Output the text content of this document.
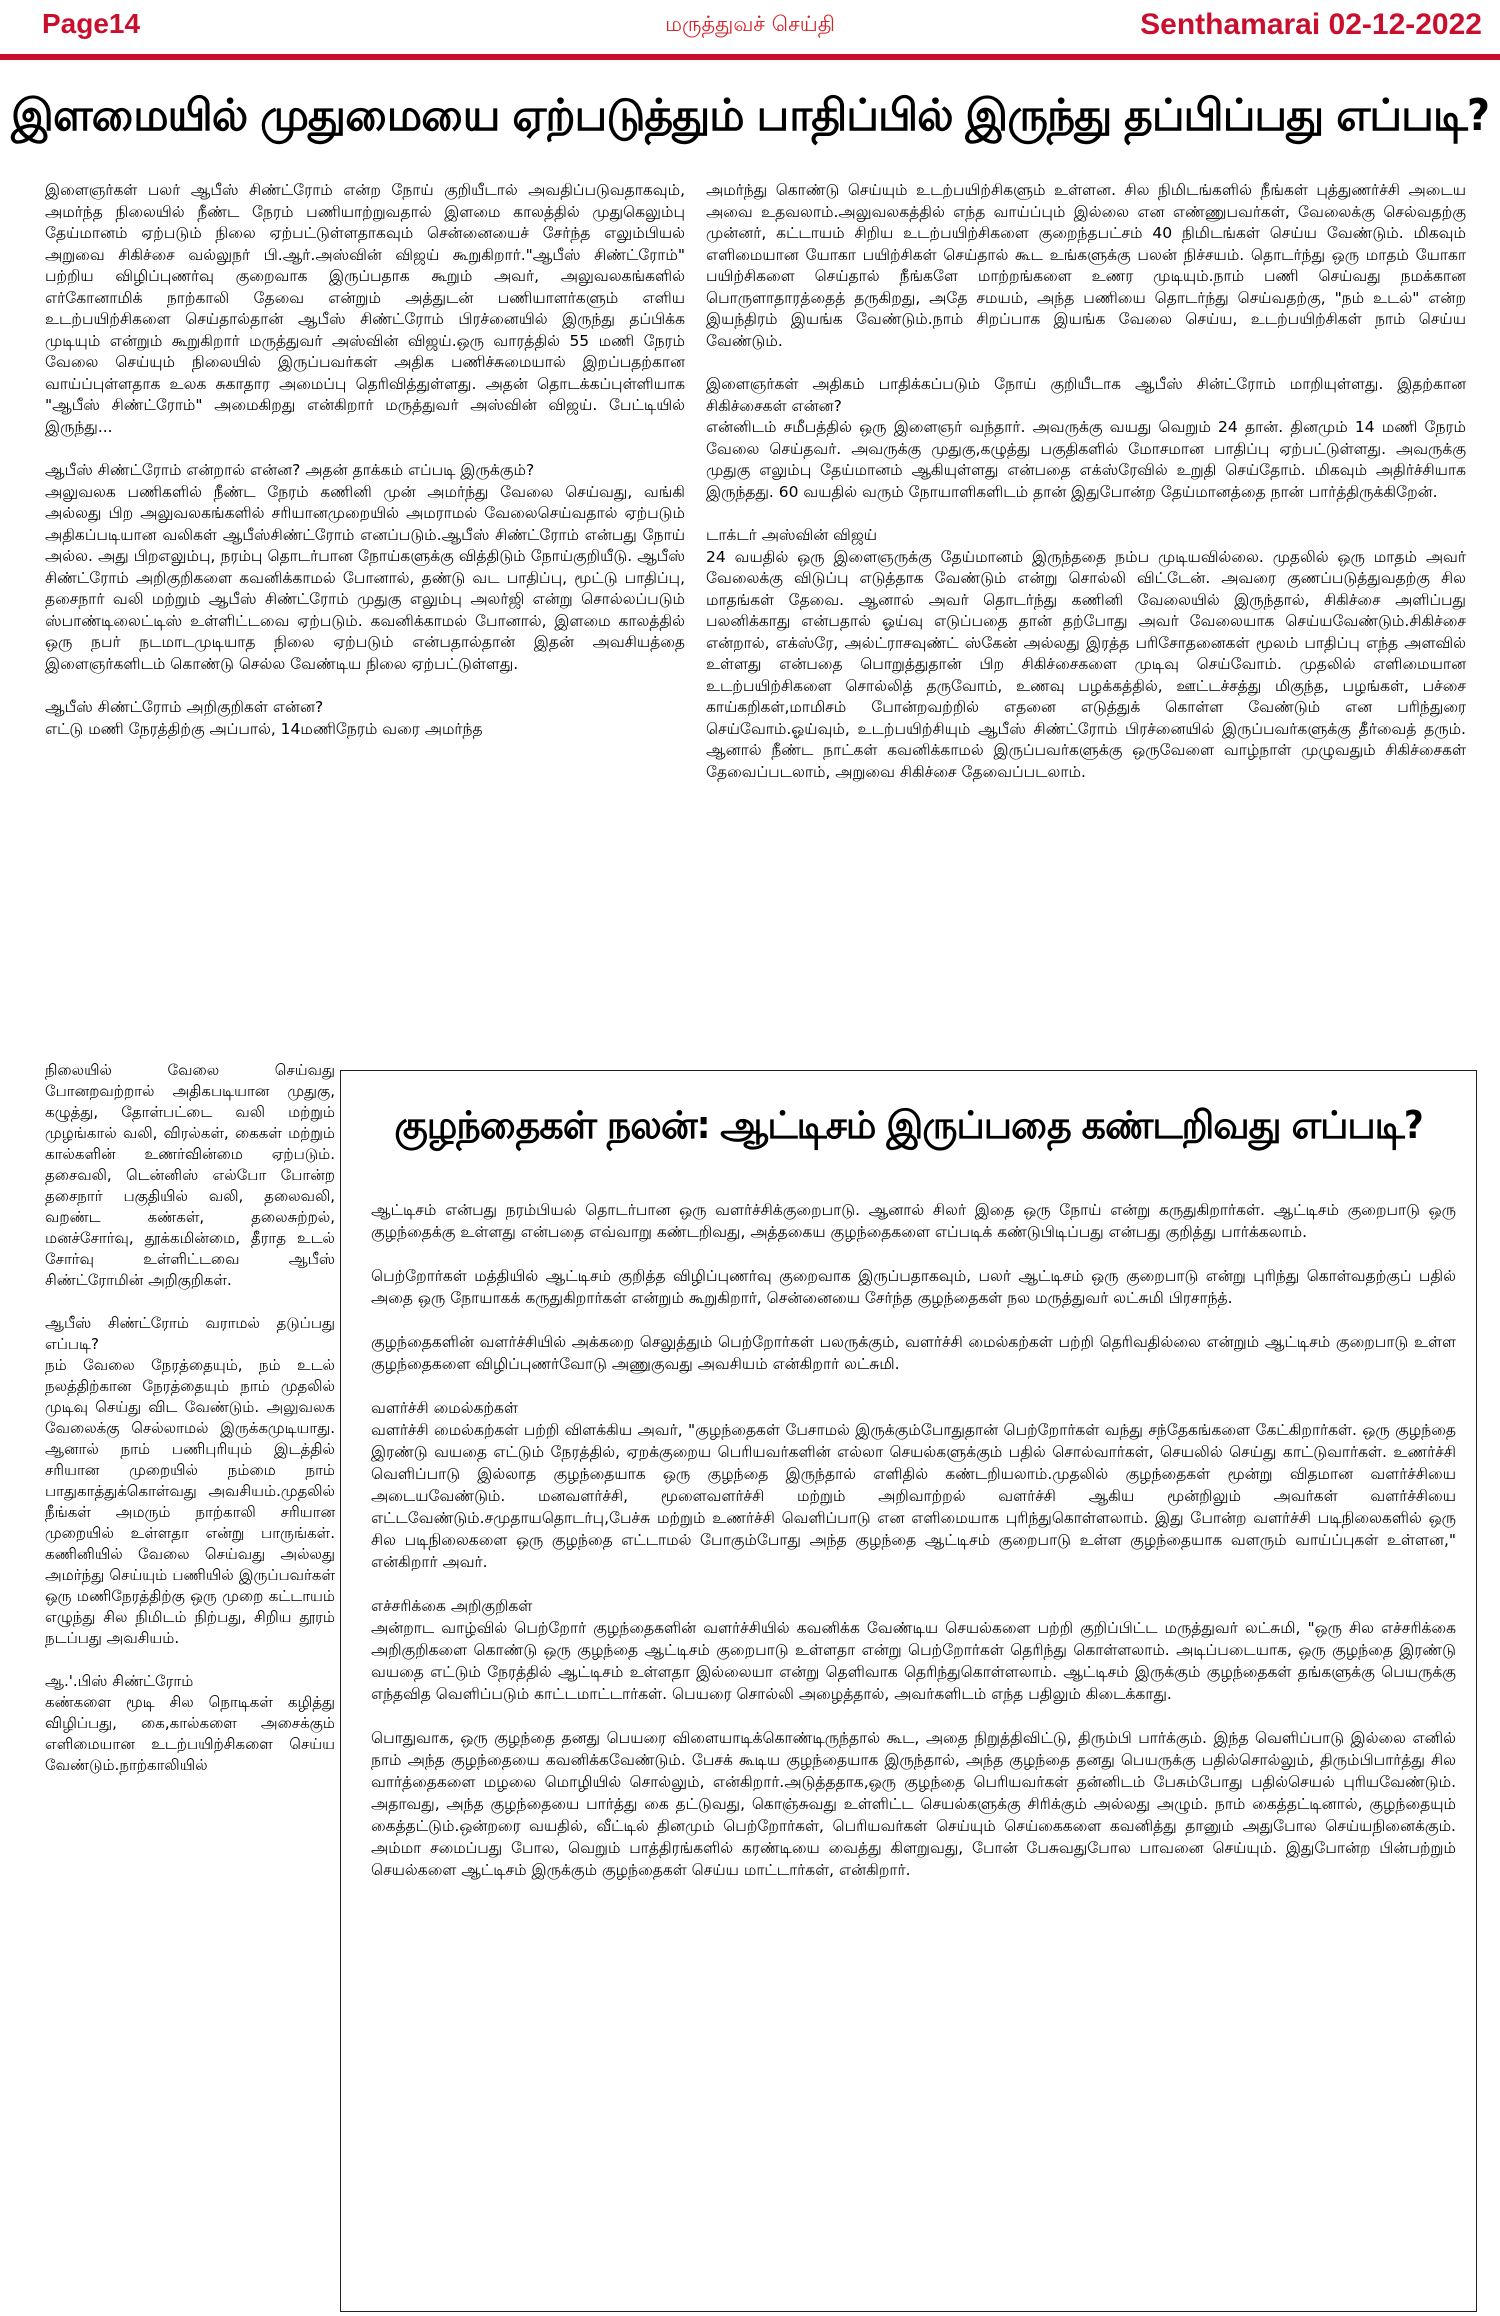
Page14	மருத்துவச் செய்தி	Senthamarai 02-12-2022
இளமையில் முதுமையை ஏற்படுத்தும் பாதிப்பில் இருந்து தப்பிப்பது எப்படி?

இளைஞர்கள் பலர் ஆபீஸ் சிண்ட்ரோம் என்ற நோய் குறியீடால் அவதிப்படுவதாகவும், அமர்ந்த நிலையில் நீண்ட நேரம் பணியாற்றுவதால் இளமை காலத்தில் முதுகெலும்பு தேய்மானம் ஏற்படும் நிலை ஏற்பட்டுள்ளதாகவும் சென்னையைச் சேர்ந்த எலும்பியல் அறுவை சிகிச்சை வல்லுநர் பி.ஆர்.அஸ்வின் விஜய் கூறுகிறார்."ஆபீஸ் சிண்ட்ரோம்" பற்றிய விழிப்புணர்வு குறைவாக இருப்பதாக கூறும் அவர், அலுவலகங்களில் எர்கோனாமிக் நாற்காலி தேவை என்றும் அத்துடன் பணியாளர்களும் எளிய உடற்பயிற்சிகளை செய்தால்தான் ஆபீஸ் சிண்ட்ரோம் பிரச்னையில் இருந்து தப்பிக்க முடியும் என்றும் கூறுகிறார் மருத்துவர் அஸ்வின் விஜய்.ஒரு வாரத்தில் 55 மணி நேரம் வேலை செய்யும் நிலையில் இருப்பவர்கள் அதிக பணிச்சுமையால் இறப்பதற்கான வாய்ப்புள்ளதாக உலக சுகாதார அமைப்பு தெரிவித்துள்ளது. அதன் தொடக்கப்புள்ளியாக "ஆபீஸ் சிண்ட்ரோம்" அமைகிறது என்கிறார் மருத்துவர் அஸ்வின் விஜய். பேட்டியில் இருந்து...

ஆபீஸ் சிண்ட்ரோம் என்றால் என்ன? அதன் தாக்கம் எப்படி இருக்கும்?

அலுவலக பணிகளில் நீண்ட நேரம் கணினி முன் அமர்ந்து வேலை செய்வது, வங்கி அல்லது பிற அலுவலகங்களில் சரியானமுறையில் அமராமல் வேலைசெய்வதால் ஏற்படும் அதிகப்படியான வலிகள் ஆபீஸ்சிண்ட்ரோம் எனப்படும்.ஆபீஸ் சிண்ட்ரோம் என்பது நோய் அல்ல. அது பிறஎலும்பு, நரம்பு தொடர்பான நோய்களுக்கு வித்திடும் நோய்குறியீடு. ஆபீஸ் சிண்ட்ரோம் அறிகுறிகளை கவனிக்காமல் போனால், தண்டு வட பாதிப்பு, மூட்டு பாதிப்பு, தசைநார் வலி மற்றும் ஆபீஸ் சிண்ட்ரோம் முதுகு எலும்பு அலர்ஜி என்று சொல்லப்படும் ஸ்பாண்டிலைட்டிஸ் உள்ளிட்டவை ஏற்படும். கவனிக்காமல் போனால், இளமை காலத்தில் ஒரு நபர் நடமாடமுடியாத நிலை ஏற்படும் என்பதால்தான் இதன் அவசியத்தை இளைஞர்களிடம் கொண்டு செல்ல வேண்டிய நிலை ஏற்பட்டுள்ளது.

ஆபீஸ் சிண்ட்ரோம் அறிகுறிகள் என்ன?

எட்டு மணி நேரத்திற்கு அப்பால், 14மணிநேரம் வரை அமர்ந்த

நிலையில் வேலை செய்வது போனறவற்றால் அதிகபடியான முதுகு, கழுத்து, தோள்பட்டை வலி மற்றும் முழங்கால் வலி, விரல்கள், கைகள் மற்றும் கால்களின் உணர்வின்மை ஏற்படும். தசைவலி, டென்னிஸ் எல்போ போன்ற தசைநார் பகுதியில் வலி, தலைவலி, வறண்ட கண்கள், தலைசுற்றல், மனச்சோர்வு, தூக்கமின்மை, தீராத உடல் சோர்வு உள்ளிட்டவை ஆபீஸ் சிண்ட்ரோமின் அறிகுறிகள்.

ஆபீஸ் சிண்ட்ரோம் வராமல் தடுப்பது எப்படி?

நம் வேலை நேரத்தையும், நம் உடல் நலத்திற்கான நேரத்தையும் நாம் முதலில் முடிவு செய்து விட வேண்டும். அலுவலக வேலைக்கு செல்லாமல் இருக்கமுடியாது. ஆனால் நாம் பணிபுரியும் இடத்தில் சரியான முறையில் நம்மை நாம் பாதுகாத்துக்கொள்வது அவசியம்.முதலில் நீங்கள் அமரும் நாற்காலி சரியான முறையில் உள்ளதா என்று பாருங்கள். கணினியில் வேலை செய்வது அல்லது அமர்ந்து செய்யும் பணியில் இருப்பவர்கள் ஒரு மணிநேரத்திற்கு ஒரு முறை கட்டாயம் எழுந்து சில நிமிடம் நிற்பது, சிறிய தூரம் நடப்பது அவசியம்.

ஆ.'.பிஸ் சிண்ட்ரோம்

கண்களை மூடி சில நொடிகள் கழித்து விழிப்பது, கை,கால்களை அசைக்கும் எளிமையான உடற்பயிற்சிகளை செய்ய வேண்டும்.நாற்காலியில்

அமர்ந்து கொண்டு செய்யும் உடற்பயிற்சிகளும் உள்ளன. சில நிமிடங்களில் நீங்கள் புத்துணர்ச்சி அடைய அவை உதவலாம்.அலுவலகத்தில் எந்த வாய்ப்பும் இல்லை என எண்ணுபவர்கள், வேலைக்கு செல்வதற்கு முன்னர், கட்டாயம் சிறிய உடற்பயிற்சிகளை குறைந்தபட்சம் 40 நிமிடங்கள் செய்ய வேண்டும். மிகவும் எளிமையான யோகா பயிற்சிகள் செய்தால் கூட உங்களுக்கு பலன் நிச்சயம். தொடர்ந்து ஒரு மாதம் யோகா பயிற்சிகளை செய்தால் நீங்களே மாற்றங்களை உணர முடியும்.நாம் பணி செய்வது நமக்கான பொருளாதாரத்தைத் தருகிறது, அதே சமயம், அந்த பணியை தொடர்ந்து செய்வதற்கு, "நம் உடல்" என்ற இயந்திரம் இயங்க வேண்டும்.நாம் சிறப்பாக இயங்க வேலை செய்ய, உடற்பயிற்சிகள் நாம் செய்ய வேண்டும்.

இளைஞர்கள் அதிகம் பாதிக்கப்படும் நோய் குறியீடாக ஆபீஸ் சின்ட்ரோம் மாறியுள்ளது. இதற்கான சிகிச்சைகள் என்ன?

என்னிடம் சமீபத்தில் ஒரு இளைஞர் வந்தார். அவருக்கு வயது வெறும் 24 தான். தினமும் 14 மணி நேரம் வேலை செய்தவர். அவருக்கு முதுகு,கழுத்து பகுதிகளில் மோசமான பாதிப்பு ஏற்பட்டுள்ளது. அவருக்கு முதுகு எலும்பு தேய்மானம் ஆகியுள்ளது என்பதை எக்ஸ்ரேவில் உறுதி செய்தோம். மிகவும் அதிர்ச்சியாக இருந்தது. 60 வயதில் வரும் நோயாளிகளிடம் தான் இதுபோன்ற தேய்மானத்தை நான் பார்த்திருக்கிறேன்.

டாக்டர் அஸ்வின் விஜய்

24 வயதில் ஒரு இளைஞருக்கு தேய்மானம் இருந்ததை நம்ப முடியவில்லை. முதலில் ஒரு மாதம் அவர் வேலைக்கு விடுப்பு எடுத்தாக வேண்டும் என்று சொல்லி விட்டேன். அவரை குணப்படுத்துவதற்கு சில மாதங்கள் தேவை. ஆனால் அவர் தொடர்ந்து கணினி வேலையில் இருந்தால், சிகிச்சை அளிப்பது பலனிக்காது என்பதால் ஓய்வு எடுப்பதை தான் தற்போது அவர் வேலையாக செய்யவேண்டும்.சிகிச்சை என்றால், எக்ஸ்ரே, அல்ட்ராசவுண்ட் ஸ்கேன் அல்லது இரத்த பரிசோதனைகள் மூலம் பாதிப்பு எந்த அளவில் உள்ளது என்பதை பொறுத்துதான் பிற சிகிச்சைகளை முடிவு செய்வோம். முதலில் எளிமையான உடற்பயிற்சிகளை சொல்லித் தருவோம், உணவு பழக்கத்தில், ஊட்டச்சத்து மிகுந்த, பழங்கள், பச்சை காய்கறிகள்,மாமிசம் போன்றவற்றில் எதனை எடுத்துக் கொள்ள வேண்டும் என பரிந்துரை செய்வோம்.ஓய்வும், உடற்பயிற்சியும் ஆபீஸ் சிண்ட்ரோம் பிரச்னையில் இருப்பவர்களுக்கு தீர்வைத் தரும். ஆனால் நீண்ட நாட்கள் கவனிக்காமல் இருப்பவர்களுக்கு ஒருவேளை வாழ்நாள் முழுவதும் சிகிச்சைகள் தேவைப்படலாம், அறுவை சிகிச்சை தேவைப்படலாம்.

குழந்தைகள் நலன்: ஆட்டிசம் இருப்பதை கண்டறிவது எப்படி?

ஆட்டிசம் என்பது நரம்பியல் தொடர்பான ஒரு வளர்ச்சிக்குறைபாடு. ஆனால் சிலர் இதை ஒரு நோய் என்று கருதுகிறார்கள். ஆட்டிசம் குறைபாடு ஒரு குழந்தைக்கு உள்ளது என்பதை எவ்வாறு கண்டறிவது, அத்தகைய குழந்தைகளை எப்படிக் கண்டுபிடிப்பது என்பது குறித்து பார்க்கலாம்.

பெற்றோர்கள் மத்தியில் ஆட்டிசம் குறித்த விழிப்புணர்வு குறைவாக இருப்பதாகவும், பலர் ஆட்டிசம் ஒரு குறைபாடு என்று புரிந்து கொள்வதற்குப் பதில் அதை ஒரு நோயாகக் கருதுகிறார்கள் என்றும் கூறுகிறார், சென்னையை சேர்ந்த குழந்தைகள் நல மருத்துவர் லட்சுமி பிரசாந்த்.

குழந்தைகளின் வளர்ச்சியில் அக்கறை செலுத்தும் பெற்றோர்கள் பலருக்கும், வளர்ச்சி மைல்கற்கள் பற்றி தெரிவதில்லை என்றும் ஆட்டிசம் குறைபாடு உள்ள குழந்தைகளை விழிப்புணர்வோடு அணுகுவது அவசியம் என்கிறார் லட்சுமி.

வளர்ச்சி மைல்கற்கள்

வளர்ச்சி மைல்கற்கள் பற்றி விளக்கிய அவர், "குழந்தைகள் பேசாமல் இருக்கும்போதுதான் பெற்றோர்கள் வந்து சந்தேகங்களை கேட்கிறார்கள். ஒரு குழந்தை இரண்டு வயதை எட்டும் நேரத்தில், ஏறக்குறைய பெரியவர்களின் எல்லா செயல்களுக்கும் பதில் சொல்வார்கள், செயலில் செய்து காட்டுவார்கள். உணர்ச்சி வெளிப்பாடு இல்லாத குழந்தையாக ஒரு குழந்தை இருந்தால் எளிதில் கண்டறியலாம்.முதலில் குழந்தைகள் மூன்று விதமான வளர்ச்சியை அடையவேண்டும். மனவளர்ச்சி, மூளைவளர்ச்சி மற்றும் அறிவாற்றல் வளர்ச்சி ஆகிய மூன்றிலும் அவர்கள் வளர்ச்சியை எட்டவேண்டும்.சமுதாயதொடர்பு,பேச்சு மற்றும் உணர்ச்சி வெளிப்பாடு என எளிமையாக புரிந்துகொள்ளலாம். இது போன்ற வளர்ச்சி படிநிலைகளில் ஒரு சில படிநிலைகளை ஒரு குழந்தை எட்டாமல் போகும்போது அந்த குழந்தை ஆட்டிசம் குறைபாடு உள்ள குழந்தையாக வளரும் வாய்ப்புகள் உள்ளன," என்கிறார் அவர்.

எச்சரிக்கை அறிகுறிகள்

அன்றாட வாழ்வில் பெற்றோர் குழந்தைகளின் வளர்ச்சியில் கவனிக்க வேண்டிய செயல்களை பற்றி குறிப்பிட்ட மருத்துவர் லட்சுமி, "ஒரு சில எச்சரிக்கை அறிகுறிகளை கொண்டு ஒரு குழந்தை ஆட்டிசம் குறைபாடு உள்ளதா என்று பெற்றோர்கள் தெரிந்து கொள்ளலாம். அடிப்படையாக, ஒரு குழந்தை இரண்டு வயதை எட்டும் நேரத்தில் ஆட்டிசம் உள்ளதா இல்லையா என்று தெளிவாக தெரிந்துகொள்ளலாம். ஆட்டிசம் இருக்கும் குழந்தைகள் தங்களுக்கு பெயருக்கு எந்தவித வெளிப்படும் காட்டமாட்டார்கள். பெயரை சொல்லி அழைத்தால், அவர்களிடம் எந்த பதிலும் கிடைக்காது.

பொதுவாக, ஒரு குழந்தை தனது பெயரை விளையாடிக்கொண்டிருந்தால் கூட, அதை நிறுத்திவிட்டு, திரும்பி பார்க்கும். இந்த வெளிப்பாடு இல்லை எனில் நாம் அந்த குழந்தையை கவனிக்கவேண்டும். பேசக் கூடிய குழந்தையாக இருந்தால், அந்த குழந்தை தனது பெயருக்கு பதில்சொல்லும், திரும்பிபார்த்து சில வார்த்தைகளை மழலை மொழியில் சொல்லும், என்கிறார்.அடுத்ததாக,ஒரு குழந்தை பெரியவர்கள் தன்னிடம் பேசும்போது பதில்செயல் புரியவேண்டும். அதாவது, அந்த குழந்தையை பார்த்து கை தட்டுவது, கொஞ்சுவது உள்ளிட்ட செயல்களுக்கு சிரிக்கும் அல்லது அழும். நாம் கைத்தட்டினால், குழந்தையும் கைத்தட்டும்.ஒன்றரை வயதில், வீட்டில் தினமும் பெற்றோர்கள், பெரியவர்கள் செய்யும் செய்கைகளை கவனித்து தானும் அதுபோல செய்யநினைக்கும். அம்மா சமைப்பது போல, வெறும் பாத்திரங்களில் கரண்டியை வைத்து கிளறுவது, போன் பேசுவதுபோல பாவனை செய்யும். இதுபோன்ற பின்பற்றும் செயல்களை ஆட்டிசம் இருக்கும் குழந்தைகள் செய்ய மாட்டார்கள், என்கிறார்.
